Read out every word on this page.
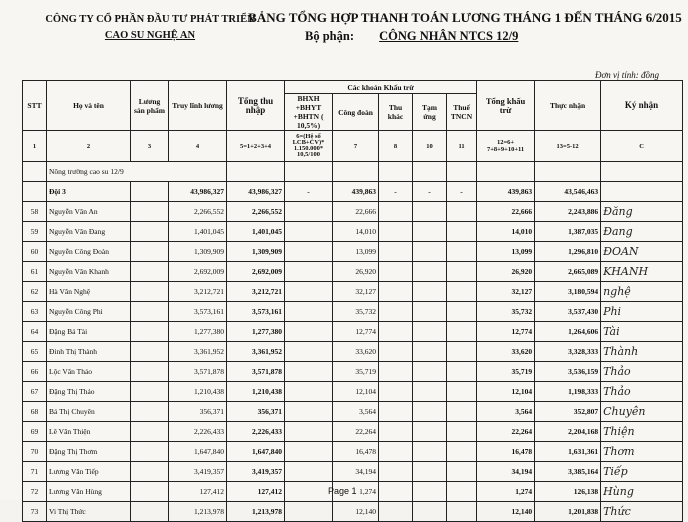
CÔNG TY CỔ PHẦN ĐẦU TƯ PHÁT TRIỂN
CAO SU NGHỆ AN
BẢNG TỔNG HỢP THANH TOÁN LƯƠNG THÁNG 1 ĐẾN THÁNG 6/2015
Bộ phận: CÔNG NHÂN NTCS 12/9
Đơn vị tính: đồng
STT	Họ và tên	Lương sản phẩm	Truy lĩnh lương	Tổng thu nhập	Các khoản Khấu trừ					Tổng khấu trừ	Thực nhận	Ký nhận
					BHXH +BHYT +BHTN ( 10,5%)	Công đoàn	Thu khác	Tạm ứng	Thuế TNCN			
1	2	3	4	5=1+2+3+4	6=(Hệ số LCB+CV)* 1.150.000* 10,5/100	7	8	10	11	12=6+ 7+8+9+10+11	13=5-12	C
	Nông trường cao su 12/9											
	Đội 3		43,986,327	43,986,327	-	439,863	-	-	-	439,863	43,546,463	
58	Nguyễn Văn An		2,266,552	2,266,552		22,666				22,666	2,243,886	Đăng
59	Nguyễn Văn Đang		1,401,045	1,401,045		14,010				14,010	1,387,035	Đang
60	Nguyễn Công Đoàn		1,309,909	1,309,909		13,099				13,099	1,296,810	ĐOAN
61	Nguyễn Văn Khanh		2,692,009	2,692,009		26,920				26,920	2,665,089	KHANH
62	Hà Văn Nghệ		3,212,721	3,212,721		32,127				32,127	3,180,594	nghệ
63	Nguyễn Công Phi		3,573,161	3,573,161		35,732				35,732	3,537,430	Phi
64	Đặng Bá Tài		1,277,380	1,277,380		12,774				12,774	1,264,606	Tài
65	Đinh Thị Thành		3,361,952	3,361,952		33,620				33,620	3,328,333	Thành
66	Lộc Văn Thảo		3,571,878	3,571,878		35,719				35,719	3,536,159	Thảo
67	Đặng Thị Thảo		1,210,438	1,210,438		12,104				12,104	1,198,333	Thảo
68	Bá Thị Chuyên		356,371	356,371		3,564				3,564	352,807	Chuyên
69	Lê Văn Thiện		2,226,433	2,226,433		22,264				22,264	2,204,168	Thiện
70	Đặng Thị Thơm		1,647,840	1,647,840		16,478				16,478	1,631,361	Thơm
71	Lương Văn Tiếp		3,419,357	3,419,357		34,194				34,194	3,385,164	Tiếp
72	Lương Văn Hùng		127,412	127,412		1,274				1,274	126,138	Hùng
73	Vi Thị Thức		1,213,978	1,213,978		12,140				12,140	1,201,838	Thức
Page 1
